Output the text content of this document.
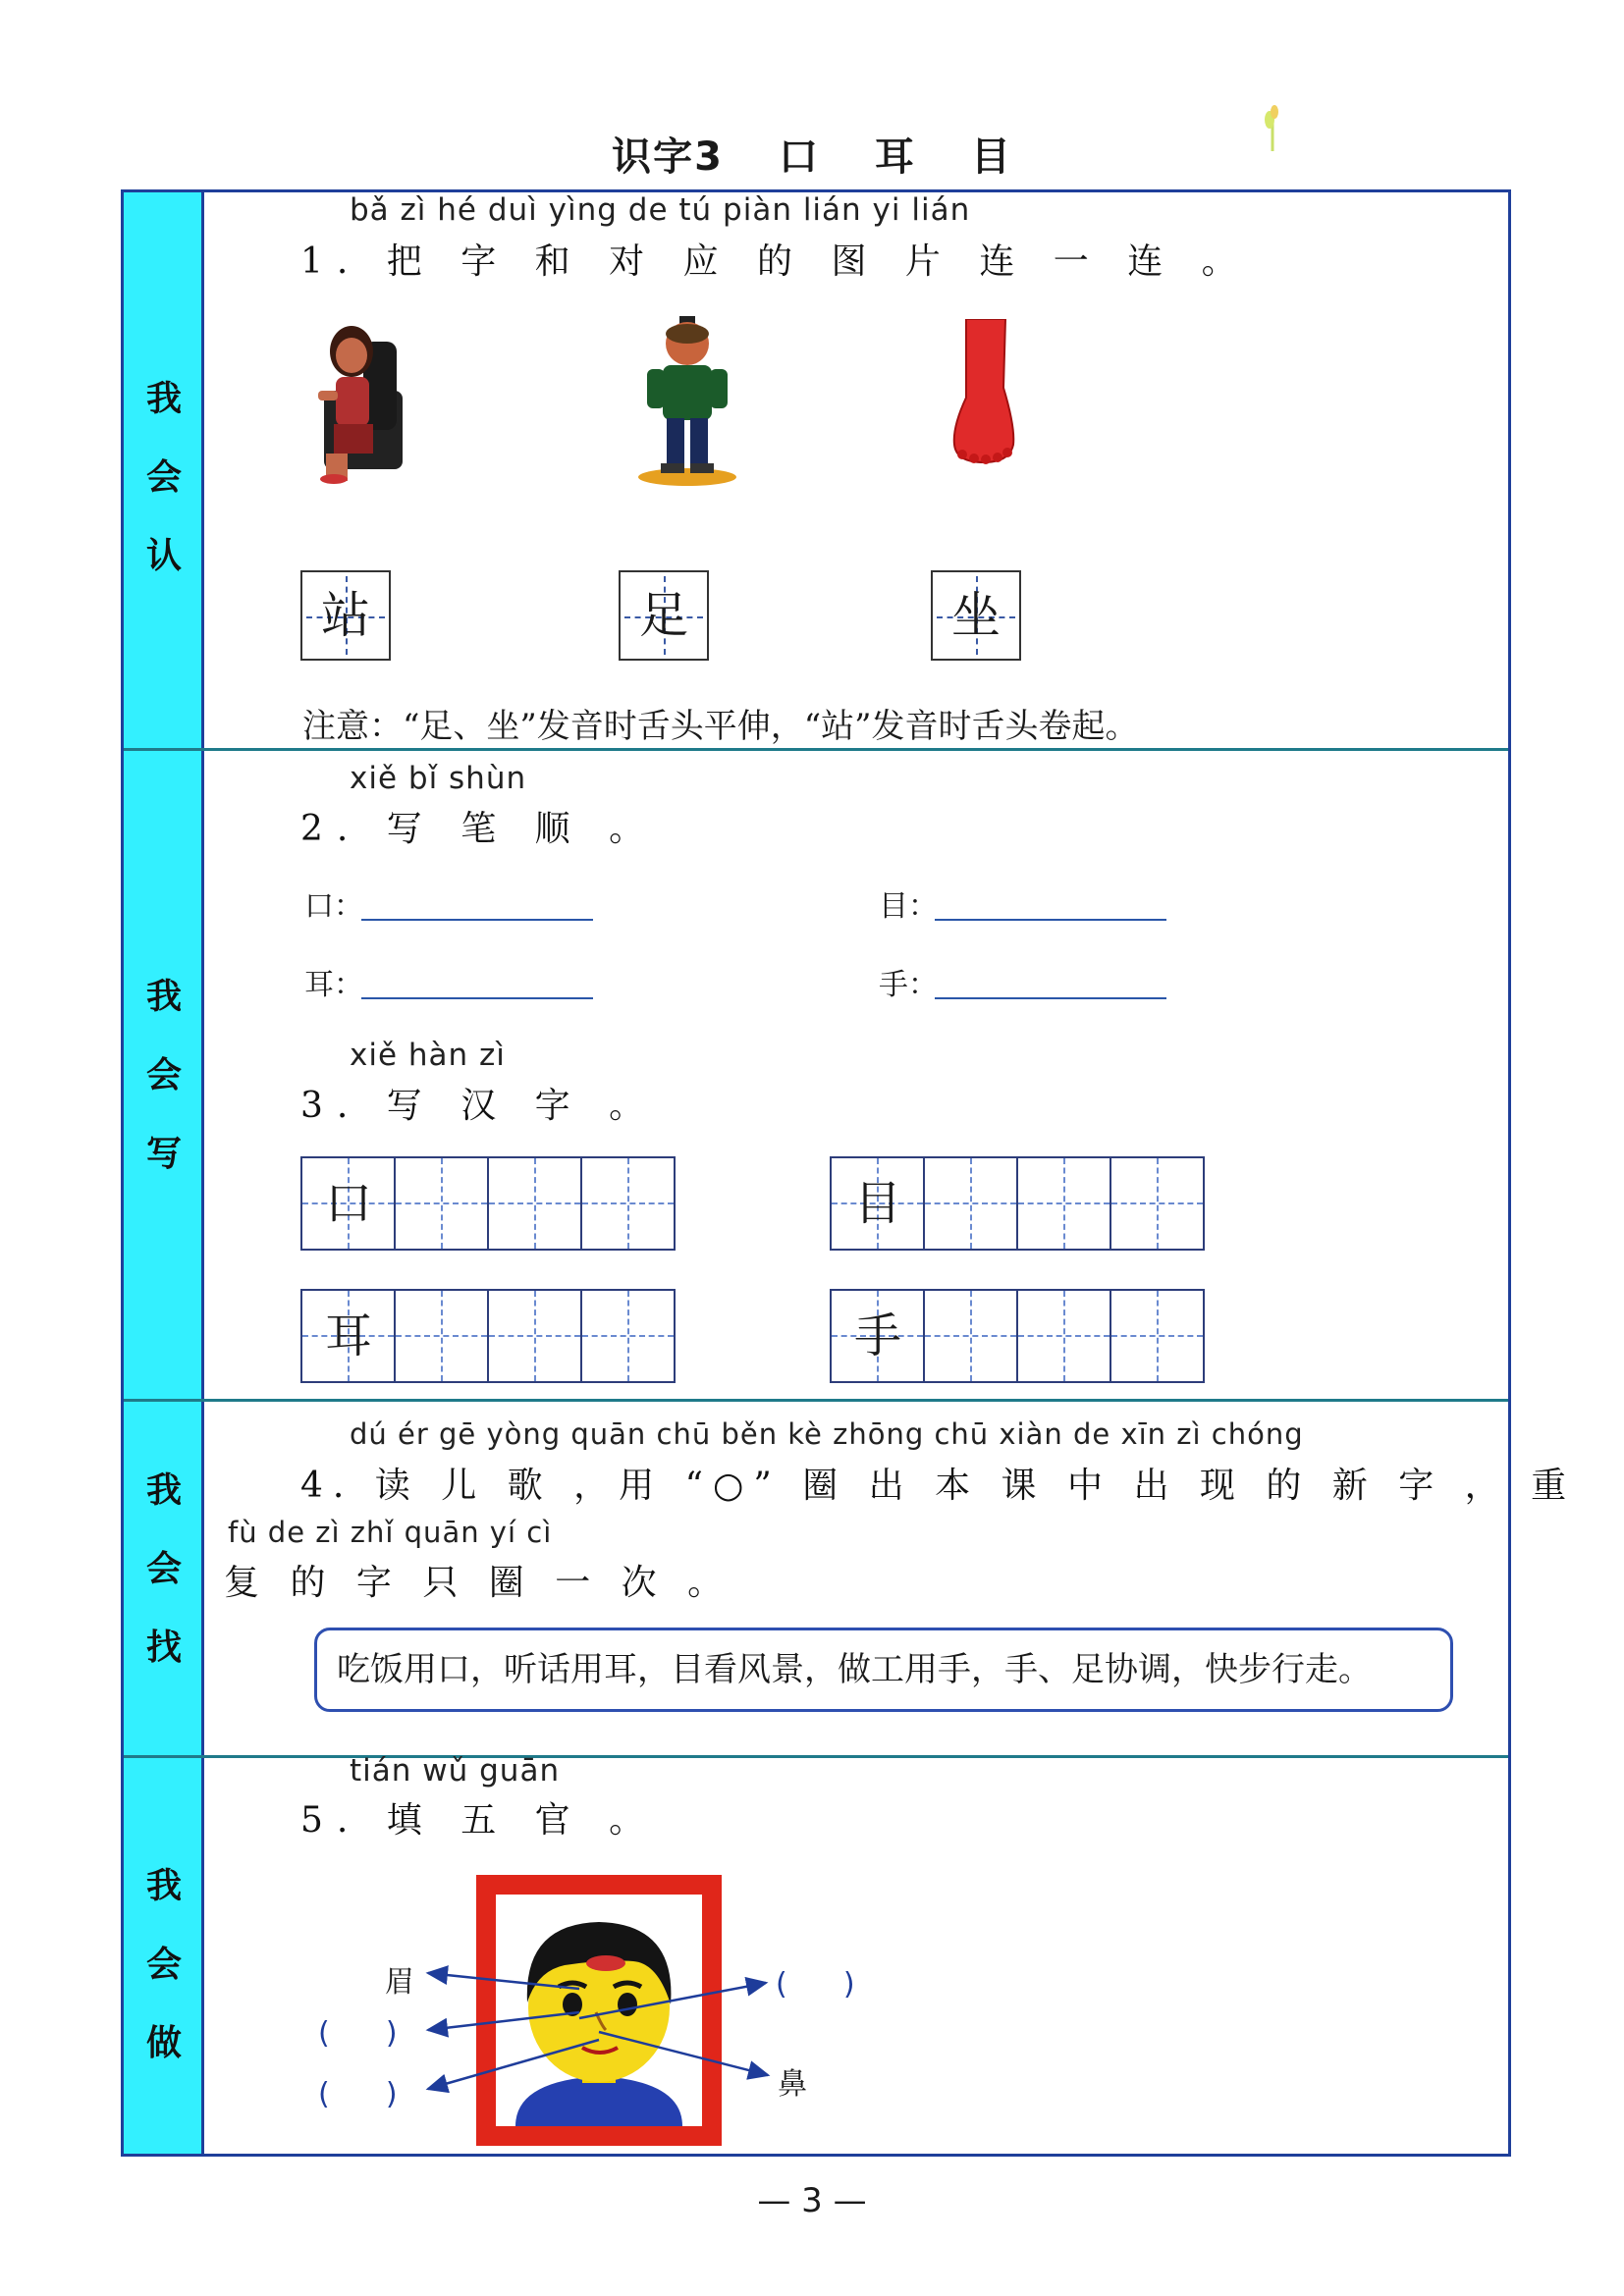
识字3 口 耳 目
我
会
认
我
会
写
我
会
找
我
会
做
bǎ zì hé duì yìng de tú piàn lián yi lián
1. 把 字 和 对 应 的 图 片 连 一 连 。
站	足	坐
注意：“足、坐”发音时舌头平伸，“站”发音时舌头卷起。
xiě bǐ shùn
2. 写 笔 顺 。
口：	目：
耳：	手：
xiě hàn zì
3. 写 汉 字 。
口	目
耳	手
dú ér gē yòng quān chū běn kè zhōng chū xiàn de xīn zì chóng
4. 读 儿 歌 ，用 “○” 圈 出 本 课 中 出 现 的 新 字 ， 重
fù de zì zhǐ quān yí cì
复 的 字 只 圈 一 次 。
吃饭用口，听话用耳，目看风景，做工用手，手、足协调，快步行走。
tián wǔ guān
5. 填 五 官 。
眉
鼻
(      )
(      )
(      )
— 3 —
